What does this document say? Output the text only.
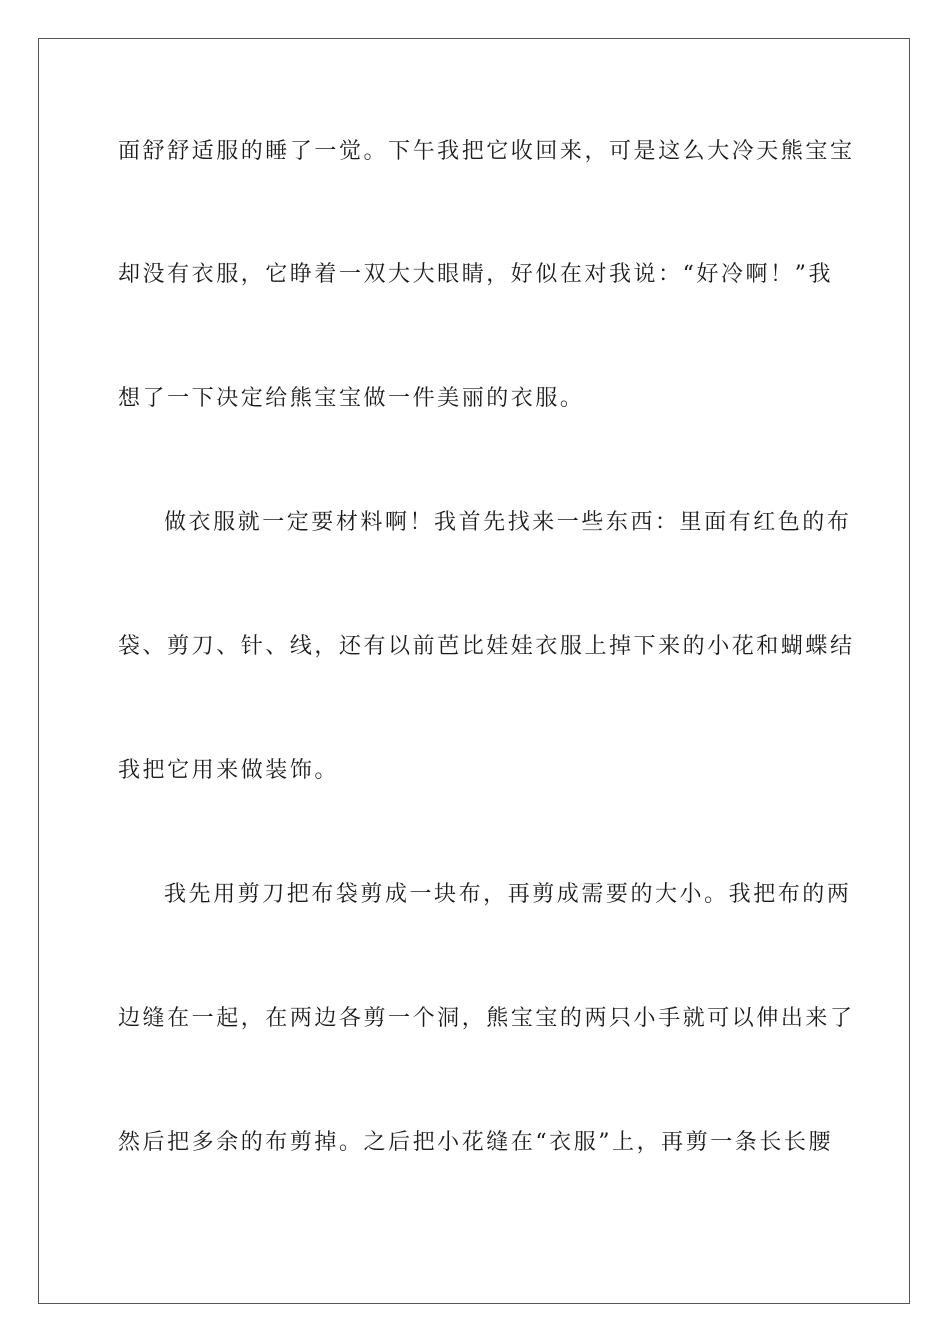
面舒舒适服的睡了一觉。下午我把它收回来，可是这么大冷天熊宝宝
却没有衣服，它睁着一双大大眼睛，好似在对我说：“好冷啊！”我
想了一下决定给熊宝宝做一件美丽的衣服。
做衣服就一定要材料啊！我首先找来一些东西：里面有红色的布
袋、剪刀、针、线，还有以前芭比娃娃衣服上掉下来的小花和蝴蝶结
我把它用来做装饰。
我先用剪刀把布袋剪成一块布，再剪成需要的大小。我把布的两
边缝在一起，在两边各剪一个洞，熊宝宝的两只小手就可以伸出来了
然后把多余的布剪掉。之后把小花缝在“衣服”上，再剪一条长长腰
